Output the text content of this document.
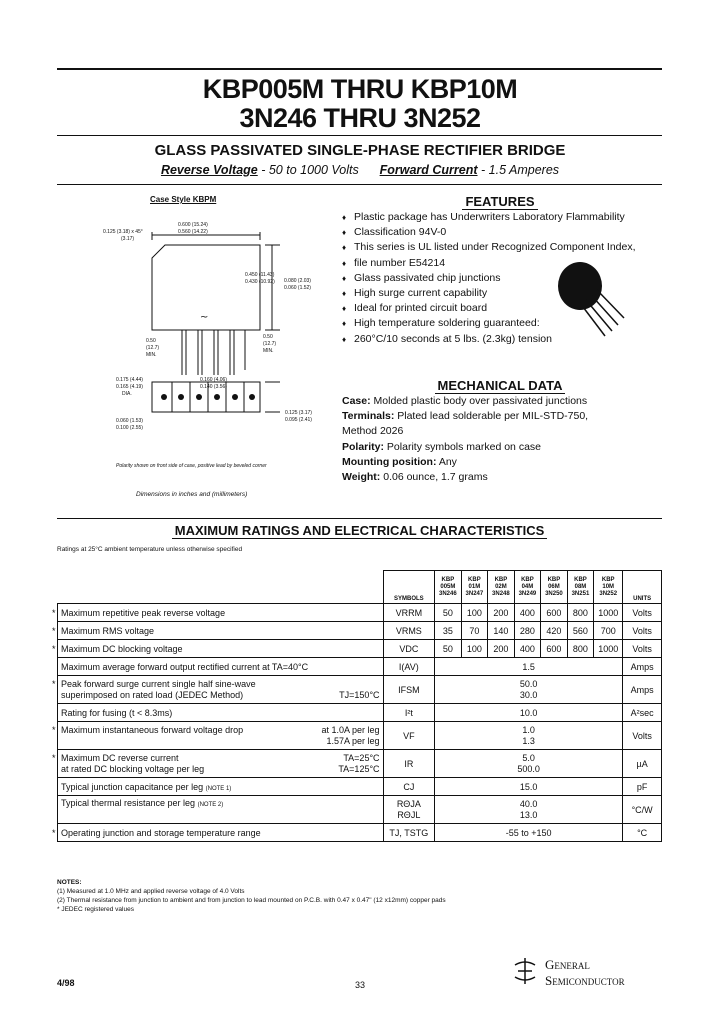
KBP005M THRU KBP10M
3N246 THRU 3N252
GLASS PASSIVATED SINGLE-PHASE RECTIFIER BRIDGE
Reverse Voltage - 50 to 1000 Volts Forward Current - 1.5 Amperes
Case Style KBPM
~
0.600 (15.24)
0.560 (14.22)
0.125 (3.18) x 45°
(3.17)
0.450 (11.43)
0.430 (10.92) 0.080 (2.03)
0.060 (1.52)
0.50
(12.7)
MIN.
0.50
(12.7)
MIN.
0.175 (4.44)
0.165 (4.19)
DIA.
0.160 (4.06)
0.140 (3.56)
0.060 (1.53)
0.100 (2.55)
0.125 (3.17)
0.095 (2.41)
Polarity shown on front side of case, positive lead by beveled corner
Dimensions in inches and (millimeters)
FEATURES
♦ Plastic package has Underwriters Laboratory Flammability
♦ Classification 94V-0
♦ This series is UL listed under Recognized Component Index,
♦ file number E54214
♦ Glass passivated chip junctions
♦ High surge current capability
♦ Ideal for printed circuit board
♦ High temperature soldering guaranteed:
♦ 260°C/10 seconds at 5 lbs. (2.3kg) tension
MECHANICAL DATA
Case: Molded plastic body over passivated junctions
Terminals: Plated lead solderable per MIL-STD-750,
Method 2026
Polarity: Polarity symbols marked on case
Mounting position: Any
Weight: 0.06 ounce, 1.7 grams
MAXIMUM RATINGS AND ELECTRICAL CHARACTERISTICS
Ratings at 25°C ambient temperature unless otherwise specified
	SYMBOLS	KBP
005M
3N246	KBP
01M
3N247	KBP
02M
3N248	KBP
04M
3N249	KBP
06M
3N250	KBP
08M
3N251	KBP
10M
3N252	UNITS

* Maximum repetitive peak reverse voltage	VRRM	50	100	200	400	600	800	1000	Volts

* Maximum RMS voltage	VRMS	35	70	140	280	420	560	700	Volts

* Maximum DC blocking voltage	VDC	50	100	200	400	600	800	1000	Volts
Maximum average forward output rectified current at TA=40°C	I(AV)	1.5							Amps

* Peak forward surge current single half sine-wave
superimposed on rated load (JEDEC Method) TJ=150°C	IFSM	50.0
30.0							Amps
Rating for fusing (t < 8.3ms)	I²t	10.0							A²sec

* Maximum instantaneous forward voltage drop at 1.0A per leg
1.57A per leg	VF	1.0
1.3							Volts

* Maximum DC reverse current TA=25°C
TA=125°C

at rated DC blocking voltage per leg	IR	5.0
500.0							µA
Typical junction capacitance per leg (NOTE 1)	CJ	15.0							pF
Typical thermal resistance per leg (NOTE 2)	RΘJA
RΘJL	40.0
13.0							°C/W

* Operating junction and storage temperature range	TJ, TSTG	-55 to +150							°C
NOTES:
(1) Measured at 1.0 MHz and applied reverse voltage of 4.0 Volts
(2) Thermal resistance from junction to ambient and from junction to lead mounted on P.C.B. with 0.47 x 0.47" (12 x12mm) copper pads
* JEDEC registered values
4/98	33
General
Semiconductor
